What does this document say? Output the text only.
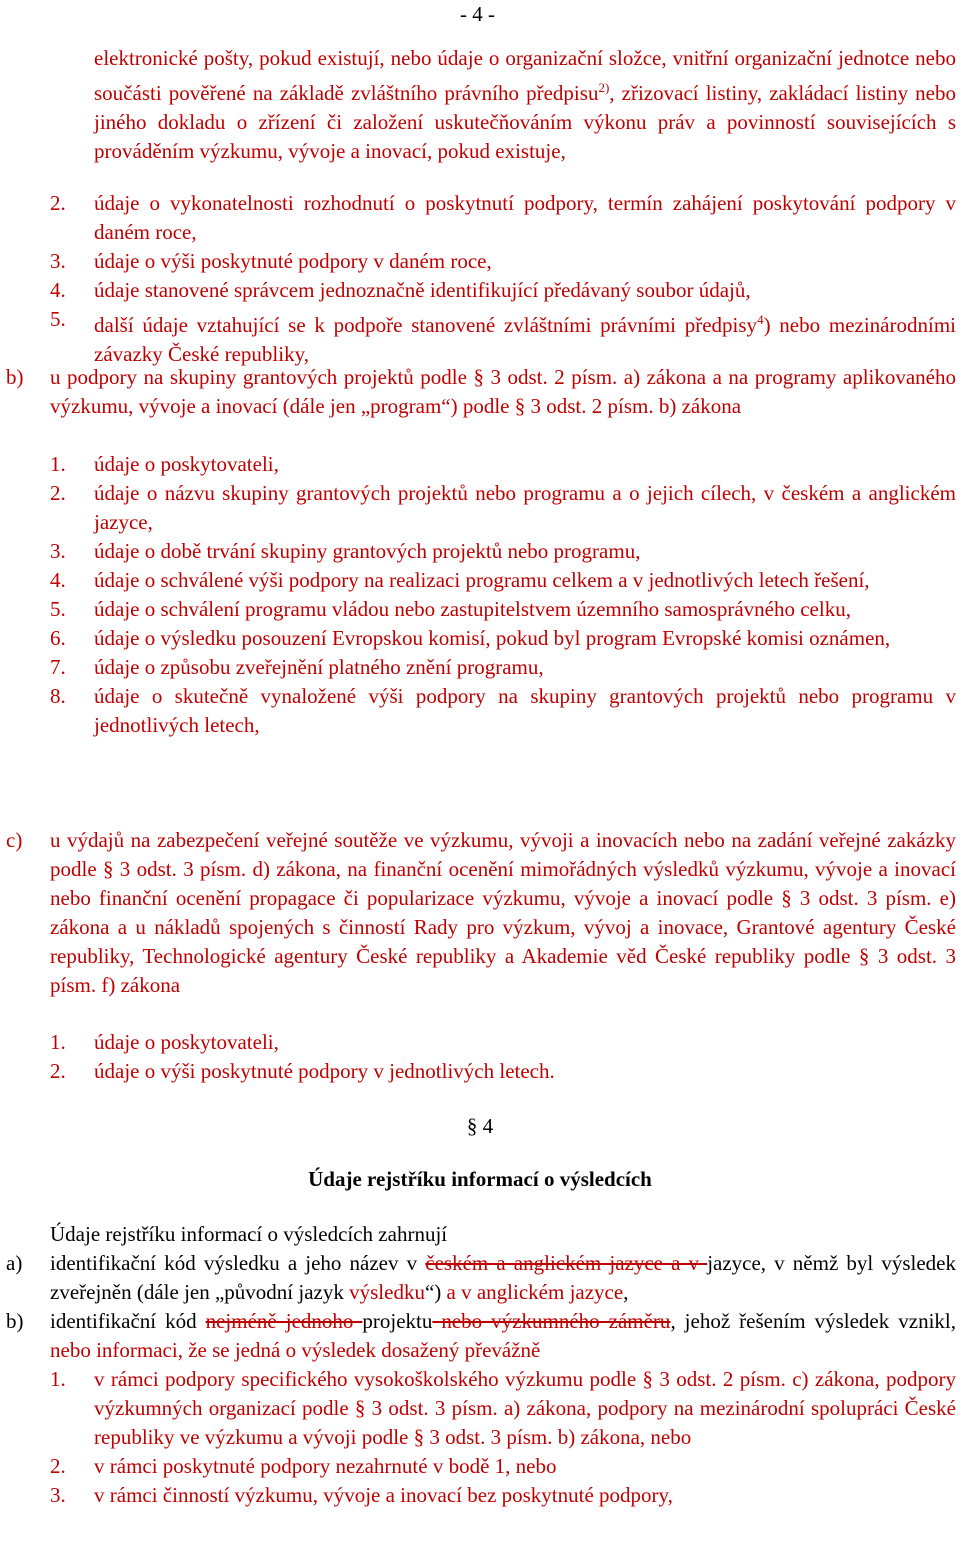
- 4 -
elektronické pošty, pokud existují, nebo údaje o organizační složce, vnitřní organizační jednotce nebo součásti pověřené na základě zvláštního právního předpisu$^{2)}$, zřizovací listiny, zakládací listiny nebo jiného dokladu o zřízení či založení uskutečňováním výkonu práv a povinností souvisejících s prováděním výzkumu, vývoje a inovací, pokud existuje,
2. údaje o vykonatelnosti rozhodnutí o poskytnutí podpory, termín zahájení poskytování podpory v daném roce,
3. údaje o výši poskytnuté podpory v daném roce,
4. údaje stanovené správcem jednoznačně identifikující předávaný soubor údajů,
5. další údaje vztahující se k podpoře stanovené zvláštními právními předpisy$^4$) nebo mezinárodními závazky České republiky,
b) u podpory na skupiny grantových projektů podle § 3 odst. 2 písm. a) zákona a na programy aplikovaného výzkumu, vývoje a inovací (dále jen „program“) podle § 3 odst. 2 písm. b) zákona
1. údaje o poskytovateli,
2. údaje o názvu skupiny grantových projektů nebo programu a o jejich cílech, v českém a anglickém jazyce,
3. údaje o době trvání skupiny grantových projektů nebo programu,
4. údaje o schválené výši podpory na realizaci programu celkem a v jednotlivých letech řešení,
5. údaje o schválení programu vládou nebo zastupitelstvem územního samosprávného celku,
6. údaje o výsledku posouzení Evropskou komisí, pokud byl program Evropské komisi oznámen,
7. údaje o způsobu zveřejnění platného znění programu,
8. údaje o skutečně vynaložené výši podpory na skupiny grantových projektů nebo programu v jednotlivých letech,
c) u výdajů na zabezpečení veřejné soutěže ve výzkumu, vývoji a inovacích nebo na zadání veřejné zakázky podle § 3 odst. 3 písm. d) zákona, na finanční ocenění mimořádných výsledků výzkumu, vývoje a inovací nebo finanční ocenění propagace či popularizace výzkumu, vývoje a inovací podle § 3 odst. 3 písm. e) zákona a u nákladů spojených s činností Rady pro výzkum, vývoj a inovace, Grantové agentury České republiky, Technologické agentury České republiky a Akademie věd České republiky podle § 3 odst. 3 písm. f) zákona
1. údaje o poskytovateli,
2. údaje o výši poskytnuté podpory v jednotlivých letech.
§ 4
Údaje rejstříku informací o výsledcích
Údaje rejstříku informací o výsledcích zahrnují
a) identifikační kód výsledku a jeho název v českém a anglickém jazyce a v jazyce, v němž byl výsledek zveřejněn (dále jen „původní jazyk výsledku“) a v anglickém jazyce,
b) identifikační kód nejméně jednoho projektu nebo výzkumného záměru, jehož řešením výsledek vznikl, nebo informaci, že se jedná o výsledek dosažený převážně
1. v rámci podpory specifického vysokoškolského výzkumu podle § 3 odst. 2 písm. c) zákona, podpory výzkumných organizací podle § 3 odst. 3 písm. a) zákona, podpory na mezinárodní spolupráci České republiky ve výzkumu a vývoji podle § 3 odst. 3 písm. b) zákona, nebo
2. v rámci poskytnuté podpory nezahrnuté v bodě 1, nebo
3. v rámci činností výzkumu, vývoje a inovací bez poskytnuté podpory,
